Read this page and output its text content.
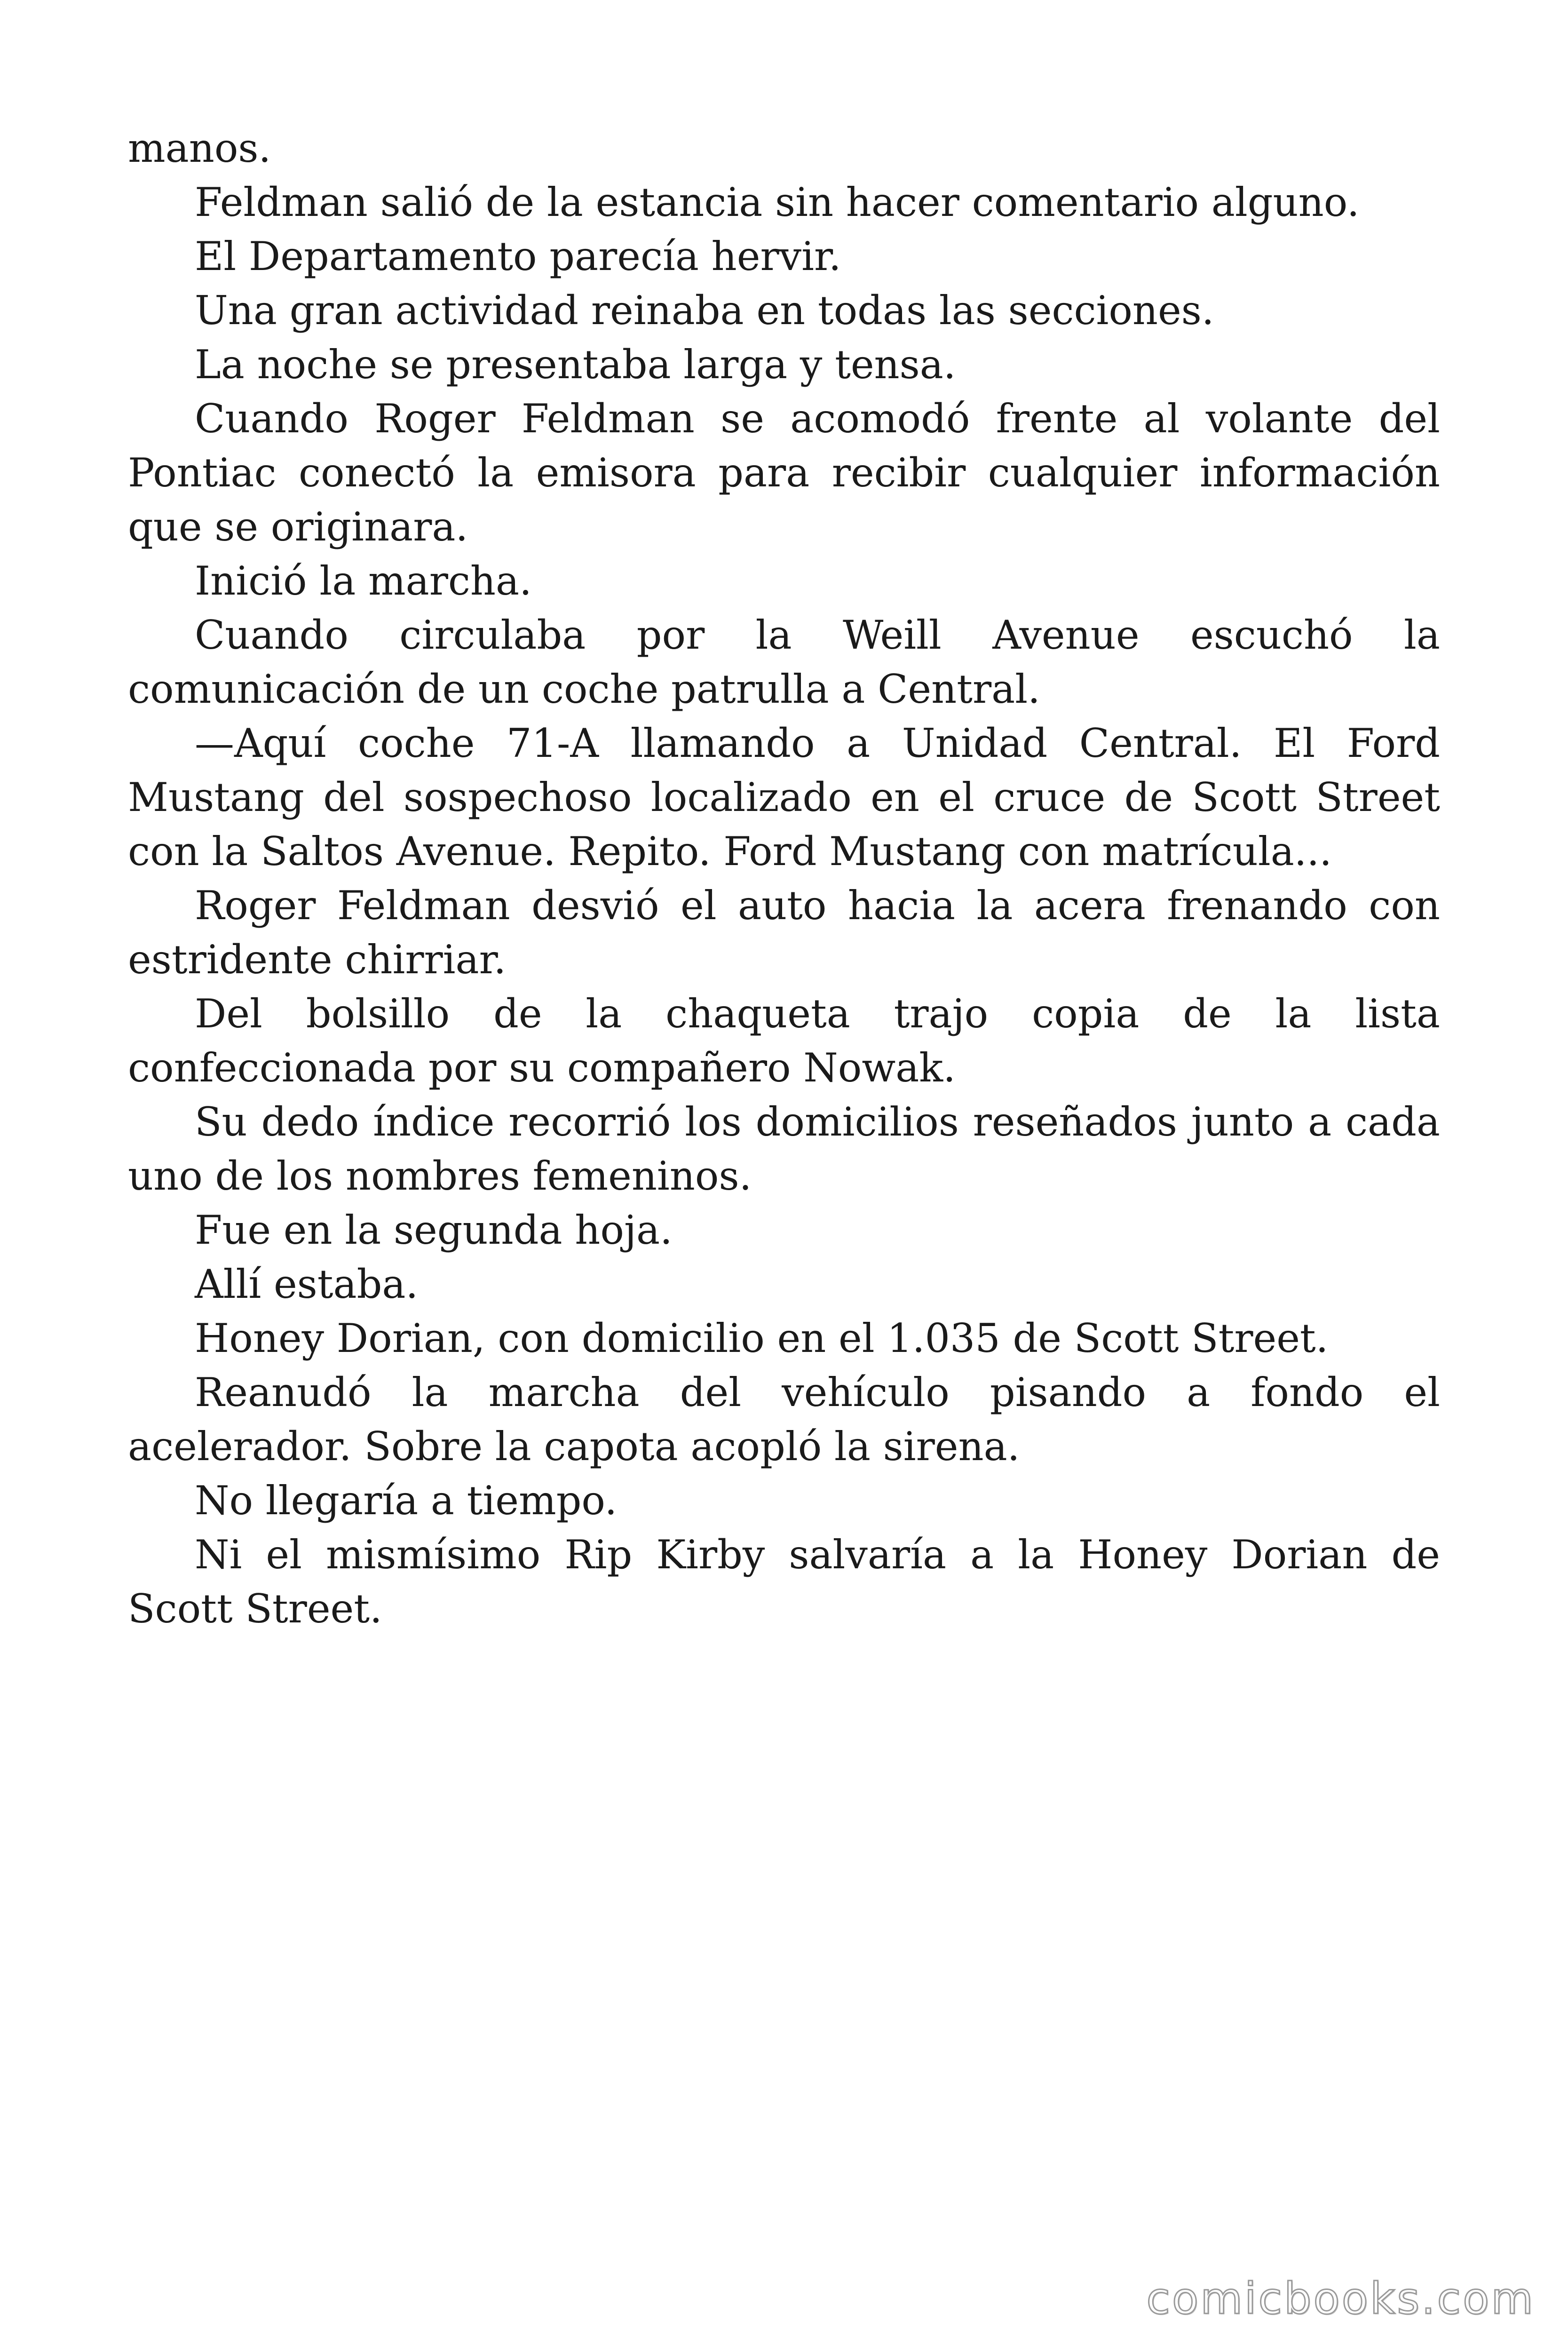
manos.

Feldman salió de la estancia sin hacer comentario alguno.

El Departamento parecía hervir.

Una gran actividad reinaba en todas las secciones.

La noche se presentaba larga y tensa.

Cuando Roger Feldman se acomodó frente al volante del Pontiac conectó la emisora para recibir cualquier información que se originara.

Inició la marcha.

Cuando circulaba por la Weill Avenue escuchó la comunicación de un coche patrulla a Central.

—Aquí coche 71-A llamando a Unidad Central. El Ford Mustang del sospechoso localizado en el cruce de Scott Street con la Saltos Avenue. Repito. Ford Mustang con matrícula...

Roger Feldman desvió el auto hacia la acera frenando con estridente chirriar.

Del bolsillo de la chaqueta trajo copia de la lista confeccionada por su compañero Nowak.

Su dedo índice recorrió los domicilios reseñados junto a cada uno de los nombres femeninos.

Fue en la segunda hoja.

Allí estaba.

Honey Dorian, con domicilio en el 1.035 de Scott Street.

Reanudó la marcha del vehículo pisando a fondo el acelerador. Sobre la capota acopló la sirena.

No llegaría a tiempo.

Ni el mismísimo Rip Kirby salvaría a la Honey Dorian de Scott Street.

comicbooks.com
